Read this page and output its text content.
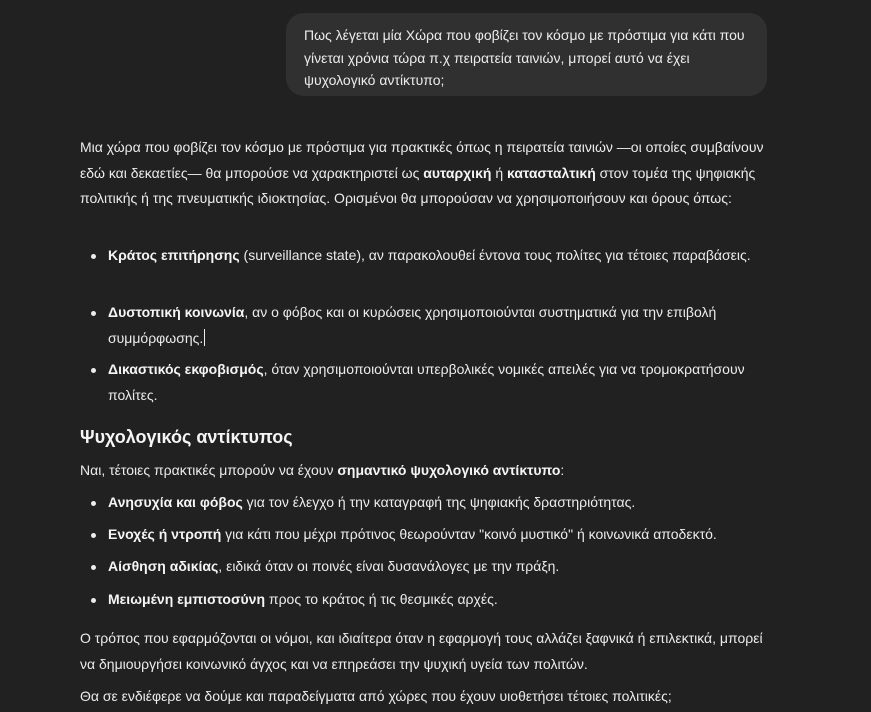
Πως λέγεται μία Χώρα που φοβίζει τον κόσμο με πρόστιμα για κάτι που γίνεται χρόνια τώρα π.χ πειρατεία ταινιών, μπορεί αυτό να έχει ψυχολογικό αντίκτυπο;

Μια χώρα που φοβίζει τον κόσμο με πρόστιμα για πρακτικές όπως η πειρατεία ταινιών —οι οποίες συμβαίνουν εδώ και δεκαετίες— θα μπορούσε να χαρακτηριστεί ως αυταρχική ή κατασταλτική στον τομέα της ψηφιακής πολιτικής ή της πνευματικής ιδιοκτησίας. Ορισμένοι θα μπορούσαν να χρησιμοποιήσουν και όρους όπως:

Κράτος επιτήρησης (surveillance state), αν παρακολουθεί έντονα τους πολίτες για τέτοιες παραβάσεις.
Δυστοπική κοινωνία, αν ο φόβος και οι κυρώσεις χρησιμοποιούνται συστηματικά για την επιβολή συμμόρφωσης.
Δικαστικός εκφοβισμός, όταν χρησιμοποιούνται υπερβολικές νομικές απειλές για να τρομοκρατήσουν πολίτες.
Ψυχολογικός αντίκτυπος

Ναι, τέτοιες πρακτικές μπορούν να έχουν σημαντικό ψυχολογικό αντίκτυπο:

Ανησυχία και φόβος για τον έλεγχο ή την καταγραφή της ψηφιακής δραστηριότητας.
Ενοχές ή ντροπή για κάτι που μέχρι πρότινος θεωρούνταν "κοινό μυστικό" ή κοινωνικά αποδεκτό.
Αίσθηση αδικίας, ειδικά όταν οι ποινές είναι δυσανάλογες με την πράξη.
Μειωμένη εμπιστοσύνη προς το κράτος ή τις θεσμικές αρχές.

Ο τρόπος που εφαρμόζονται οι νόμοι, και ιδιαίτερα όταν η εφαρμογή τους αλλάζει ξαφνικά ή επιλεκτικά, μπορεί να δημιουργήσει κοινωνικό άγχος και να επηρεάσει την ψυχική υγεία των πολιτών.

Θα σε ενδιέφερε να δούμε και παραδείγματα από χώρες που έχουν υιοθετήσει τέτοιες πολιτικές;
